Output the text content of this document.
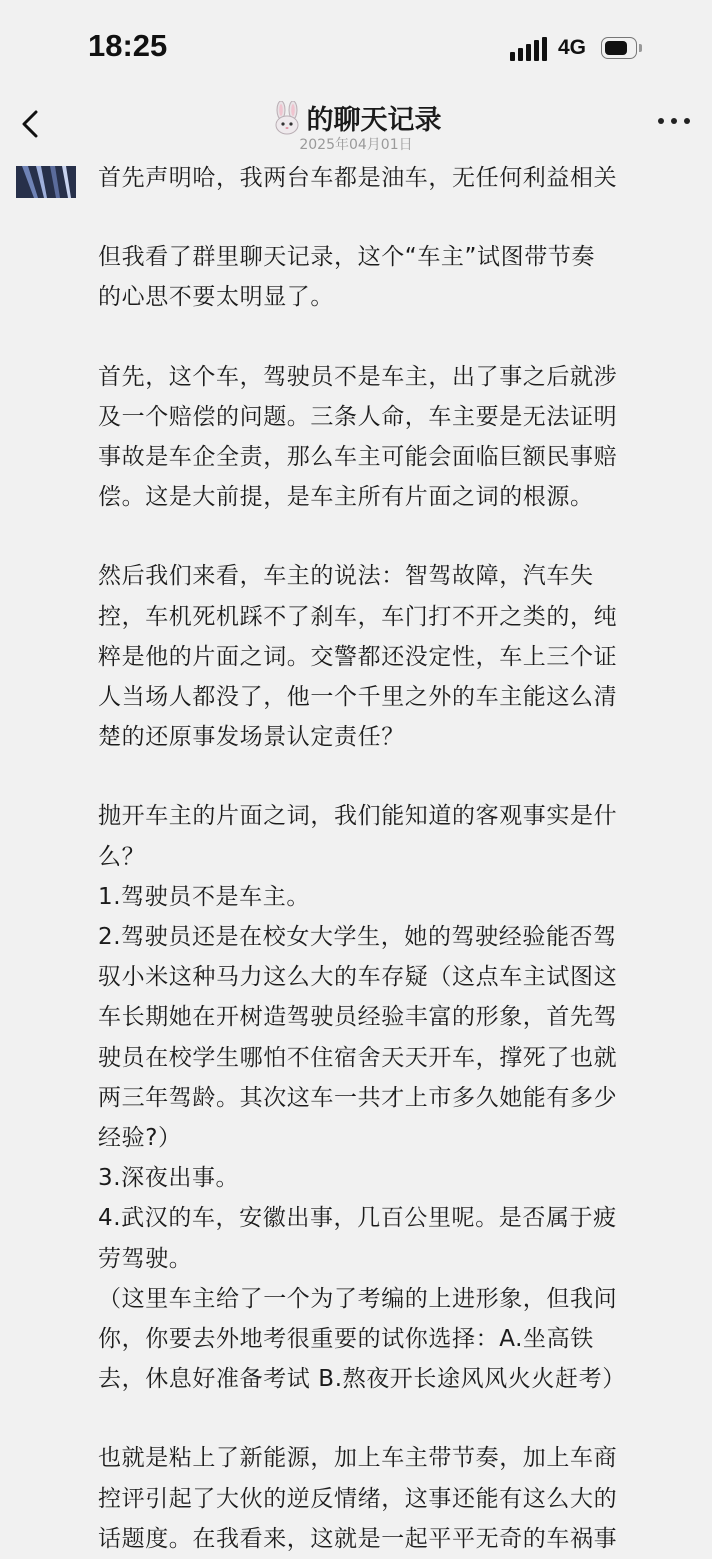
18:25	4G
的聊天记录
2025年04月01日

首先声明哈，我两台车都是油车，无任何利益相关

但我看了群里聊天记录，这个“车主”试图带节奏

的心思不要太明显了。

首先，这个车，驾驶员不是车主，出了事之后就涉

及一个赔偿的问题。三条人命，车主要是无法证明

事故是车企全责，那么车主可能会面临巨额民事赔

偿。这是大前提，是车主所有片面之词的根源。

然后我们来看，车主的说法：智驾故障，汽车失

控，车机死机踩不了刹车，车门打不开之类的，纯

粹是他的片面之词。交警都还没定性，车上三个证

人当场人都没了，他一个千里之外的车主能这么清

楚的还原事发场景认定责任？

抛开车主的片面之词，我们能知道的客观事实是什

么？

1.驾驶员不是车主。

2.驾驶员还是在校女大学生，她的驾驶经验能否驾

驭小米这种马力这么大的车存疑（这点车主试图这

车长期她在开树造驾驶员经验丰富的形象，首先驾

驶员在校学生哪怕不住宿舍天天开车，撑死了也就

两三年驾龄。其次这车一共才上市多久她能有多少

经验?）

3.深夜出事。

4.武汉的车，安徽出事，几百公里呢。是否属于疲

劳驾驶。

（这里车主给了一个为了考编的上进形象，但我问

你，你要去外地考很重要的试你选择：A.坐高铁

去，休息好准备考试 B.熬夜开长途风风火火赶考）

也就是粘上了新能源，加上车主带节奏，加上车商

控评引起了大伙的逆反情绪，这事还能有这么大的

话题度。在我看来，这就是一起平平无奇的车祸事
